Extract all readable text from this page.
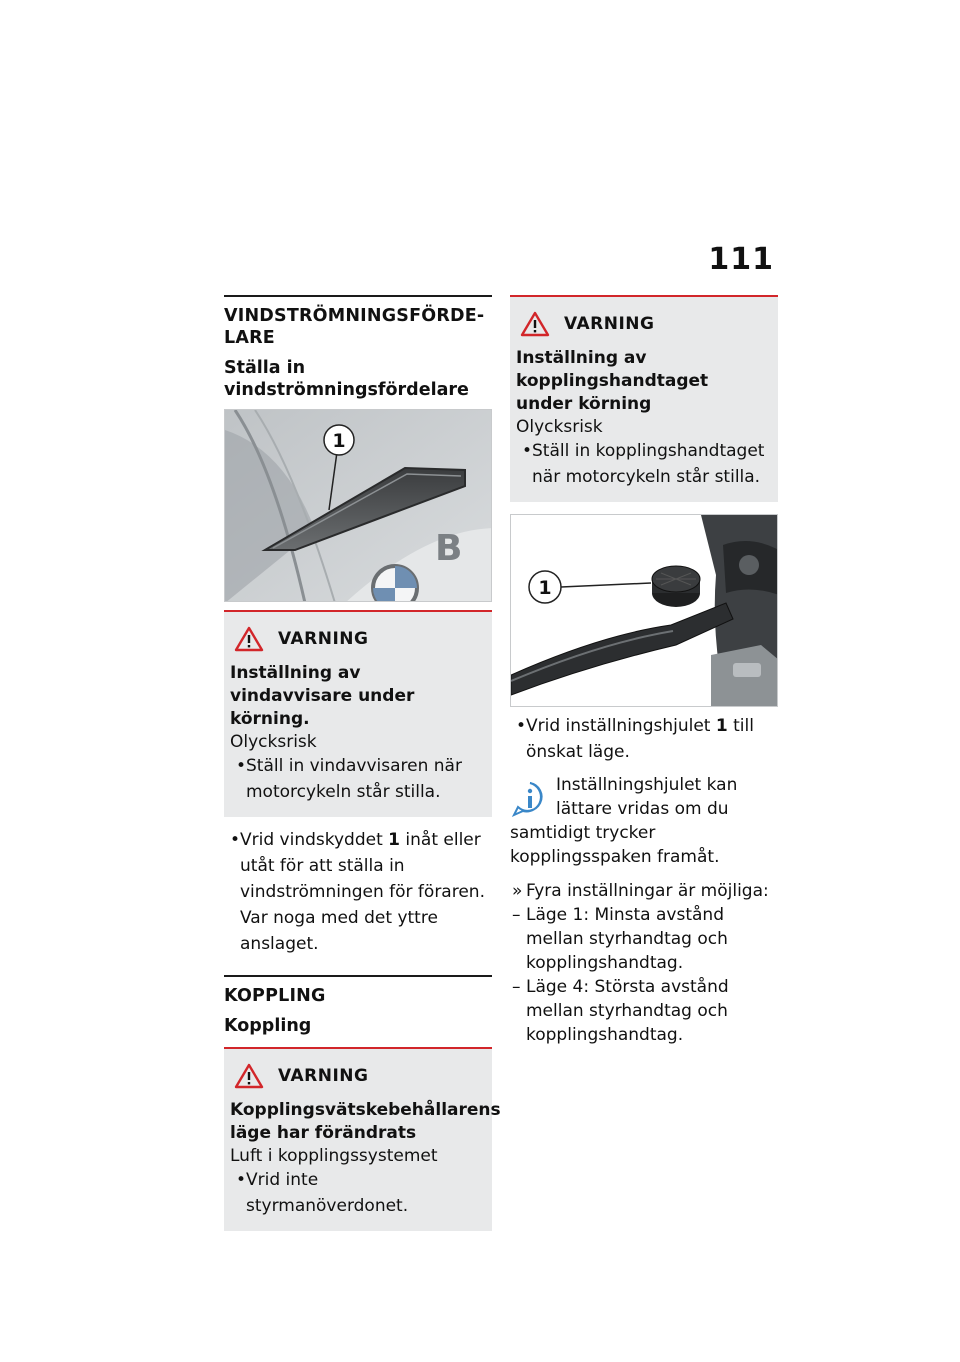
111
VINDSTRÖMNINGSFÖRDE-LARE
Ställa in vindströmningsfördelare
B
1
VARNING
Inställning av vindavvisare under körning.
Olycksrisk
• Ställ in vindavvisaren när motorcykeln står stilla.
• Vrid vindskyddet 1 inåt eller utåt för att ställa in vindströmningen för föraren. Var noga med det yttre anslaget.
KOPPLING
Koppling
VARNING
Kopplingsvätskebehållarens läge har förändrats
Luft i kopplingssystemet
• Vrid inte styrmanöverdonet.
VARNING
Inställning av kopplingshandtaget under körning
Olycksrisk
• Ställ in kopplingshandtaget när motorcykeln står stilla.
1
• Vrid inställningshjulet 1 till önskat läge.
Inställningshjulet kan lättare vridas om du samtidigt trycker kopplingsspaken framåt.
» Fyra inställningar är möjliga:
– Läge 1: Minsta avstånd mellan styrhandtag och kopplingshandtag.
– Läge 4: Största avstånd mellan styrhandtag och kopplingshandtag.
